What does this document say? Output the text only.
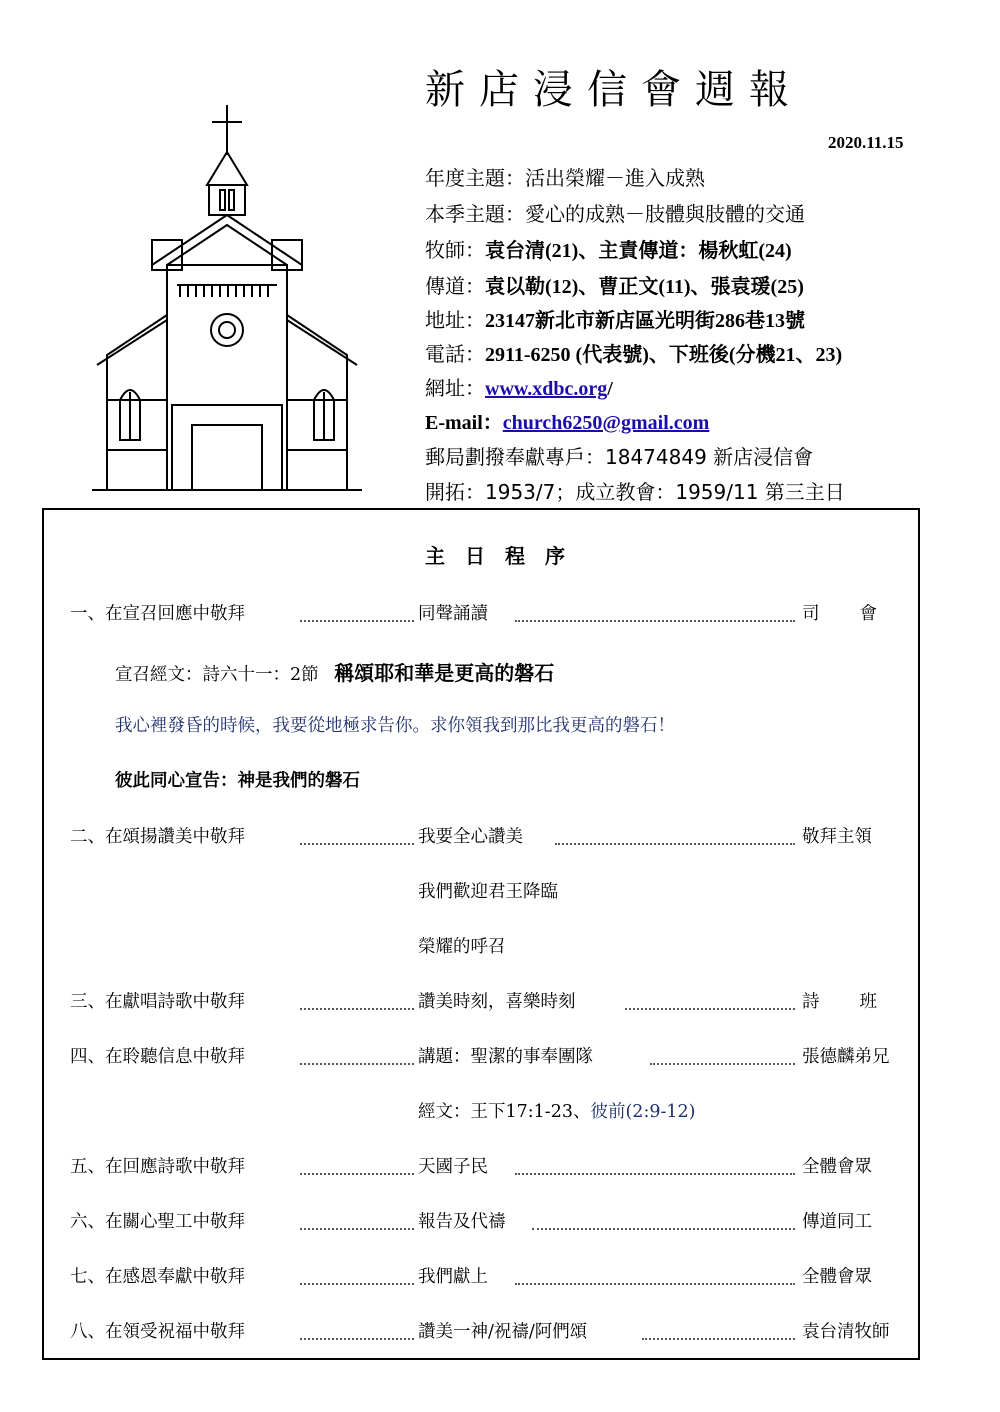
新店浸信會週報
2020.11.15
年度主題：活出榮耀－進入成熟
本季主題：愛心的成熟－肢體與肢體的交通
牧師：袁台清(21)、主責傳道：楊秋虹(24)
傳道：袁以勒(12)、曹正文(11)、張袁瑗(25)
地址：23147新北市新店區光明街286巷13號
電話：2911-6250 (代表號)、下班後(分機21、23)
網址：www.xdbc.org/
E-mail：church6250@gmail.com
郵局劃撥奉獻專戶：18474849 新店浸信會
開拓：1953/7；成立教會：1959/11 第三主日
主日程序
一、在宣召回應中敬拜	同聲誦讀	司會
宣召經文：詩六十一：2節 稱頌耶和華是更高的磐石
我心裡發昏的時候，我要從地極求告你。求你領我到那比我更高的磐石！
彼此同心宣告：神是我們的磐石
二、在頌揚讚美中敬拜	我要全心讚美	敬拜主領
我們歡迎君王降臨
榮耀的呼召
三、在獻唱詩歌中敬拜	讚美時刻，喜樂時刻	詩班
四、在聆聽信息中敬拜	講題：聖潔的事奉團隊	張德麟弟兄
經文：王下17:1-23、彼前(2:9-12)
五、在回應詩歌中敬拜	天國子民	全體會眾
六、在關心聖工中敬拜	報告及代禱	傳道同工
七、在感恩奉獻中敬拜	我們獻上	全體會眾
八、在領受祝福中敬拜	讚美一神/祝禱/阿們頌	袁台清牧師
